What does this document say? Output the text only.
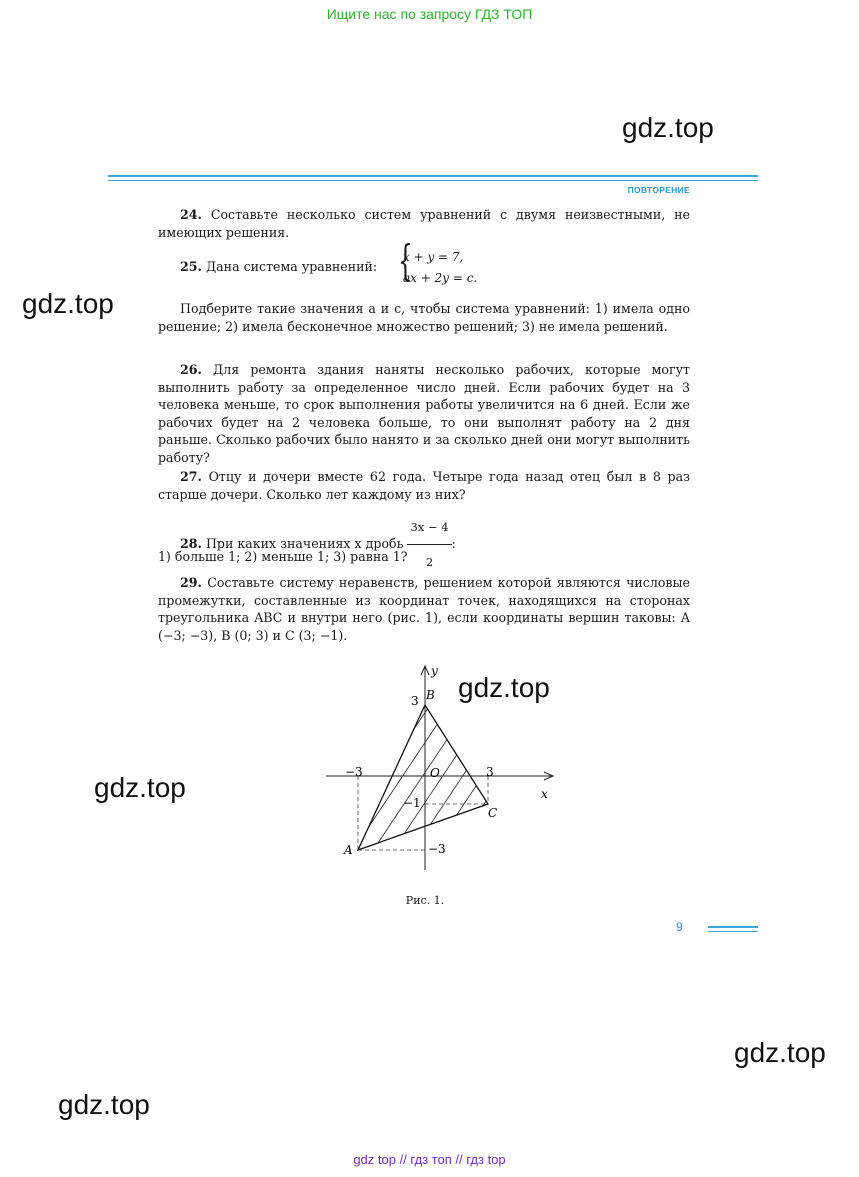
Ищите нас по запросу ГДЗ ТОП
gdz.top
gdz.top
gdz.top
gdz.top
gdz.top
gdz.top
ПОВТОРЕНИЕ
24. Составьте несколько систем уравнений с двумя неизвестными, не имеющих решения.
25. Дана система уравнений: {
x + y = 7,
ax + 2y = c.
Подберите такие значения a и c, чтобы система уравнений: 1) имела одно решение; 2) имела бесконечное множество решений; 3) не имела решений.
26. Для ремонта здания наняты несколько рабочих, которые могут выполнить работу за определенное число дней. Если рабочих будет на 3 человека меньше, то срок выполнения работы увеличится на 6 дней. Если же рабочих будет на 2 человека больше, то они выполнят работу на 2 дня раньше. Сколько рабочих было нанято и за сколько дней они могут выполнить работу?
27. Отцу и дочери вместе 62 года. Четыре года назад отец был в 8 раз старше дочери. Сколько лет каждому из них?
28. При каких значениях x дробь $\frac{3x - 4}{2}$ :
1) больше 1; 2) меньше 1; 3) равна 1?
29. Составьте систему неравенств, решением которой являются числовые промежутки, составленные из координат точек, находящихся на сторонах треугольника ABC и внутри него (рис. 1), если координаты вершин таковы: A (−3; −3), B (0; 3) и C (3; −1).
y
x
O
B
C
A
3
−3	3
−1
−3
Рис. 1.
9
gdz top // гдз топ // гдз top
